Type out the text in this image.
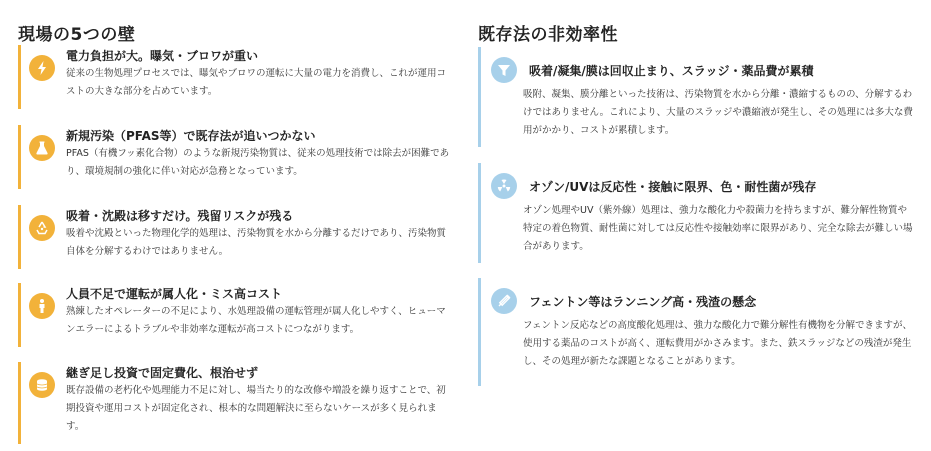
現場の5つの壁
電力負担が大。曝気・ブロワが重い
従来の生物処理プロセスでは、曝気やブロワの運転に大量の電力を消費し、これが運用コストの大きな部分を占めています。
新規汚染（PFAS等）で既存法が追いつかない
PFAS（有機フッ素化合物）のような新規汚染物質は、従来の処理技術では除去が困難であり、環境規制の強化に伴い対応が急務となっています。
吸着・沈殿は移すだけ。残留リスクが残る
吸着や沈殿といった物理化学的処理は、汚染物質を水から分離するだけであり、汚染物質自体を分解するわけではありません。
人員不足で運転が属人化・ミス高コスト
熟練したオペレーターの不足により、水処理設備の運転管理が属人化しやすく、ヒューマンエラーによるトラブルや非効率な運転が高コストにつながります。
継ぎ足し投資で固定費化、根治せず
既存設備の老朽化や処理能力不足に対し、場当たり的な改修や増設を繰り返すことで、初期投資や運用コストが固定化され、根本的な問題解決に至らないケースが多く見られます。
既存法の非効率性
吸着/凝集/膜は回収止まり、スラッジ・薬品費が累積
吸附、凝集、膜分離といった技術は、汚染物質を水から分離・濃縮するものの、分解するわけではありません。これにより、大量のスラッジや濃縮液が発生し、その処理には多大な費用がかかり、コストが累積します。
オゾン/UVは反応性・接触に限界、色・耐性菌が残存
オゾン処理やUV（紫外線）処理は、強力な酸化力や殺菌力を持ちますが、難分解性物質や特定の着色物質、耐性菌に対しては反応性や接触効率に限界があり、完全な除去が難しい場合があります。
フェントン等はランニング高・残渣の懸念
フェントン反応などの高度酸化処理は、強力な酸化力で難分解性有機物を分解できますが、使用する薬品のコストが高く、運転費用がかさみます。また、鉄スラッジなどの残渣が発生し、その処理が新たな課題となることがあります。
